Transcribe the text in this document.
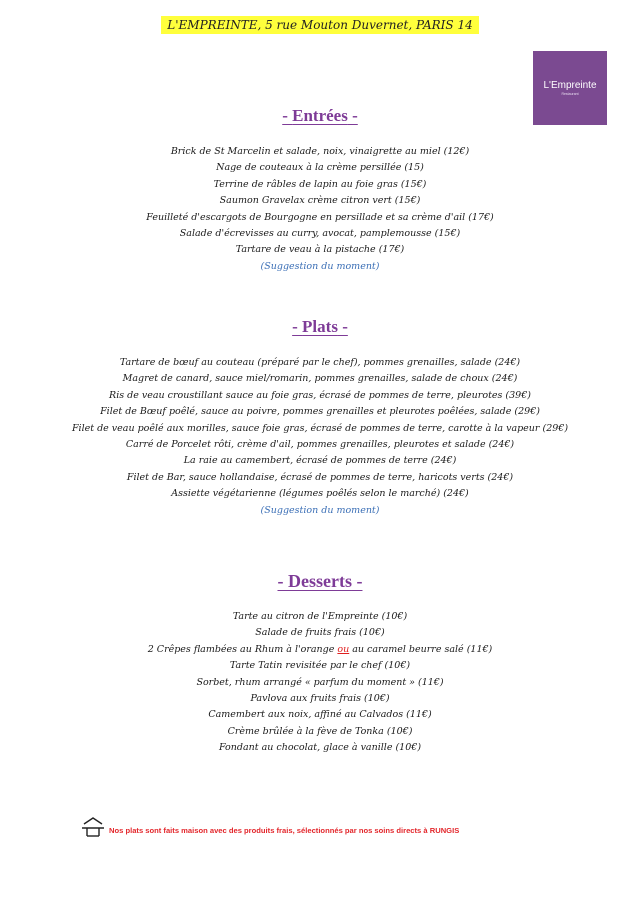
L'EMPREINTE, 5 rue Mouton Duvernet, PARIS 14
L'Empreinte
Restaurant
- Entrées -
Brick de St Marcelin et salade, noix, vinaigrette au miel (12€)
Nage de couteaux à la crème persillée (15)
Terrine de râbles de lapin au foie gras (15€)
Saumon Gravelax crème citron vert (15€)
Feuilleté d'escargots de Bourgogne en persillade et sa crème d'ail (17€)
Salade d'écrevisses au curry, avocat, pamplemousse (15€)
Tartare de veau à la pistache (17€)
(Suggestion du moment)
- Plats -
Tartare de bœuf au couteau (préparé par le chef), pommes grenailles, salade (24€)
Magret de canard, sauce miel/romarin, pommes grenailles, salade de choux (24€)
Ris de veau croustillant sauce au foie gras, écrasé de pommes de terre, pleurotes (39€)
Filet de Bœuf poêlé, sauce au poivre, pommes grenailles et pleurotes poêlées, salade (29€)
Filet de veau poêlé aux morilles, sauce foie gras, écrasé de pommes de terre, carotte à la vapeur (29€)
Carré de Porcelet rôti, crème d'ail, pommes grenailles, pleurotes et salade (24€)
La raie au camembert, écrasé de pommes de terre (24€)
Filet de Bar, sauce hollandaise, écrasé de pommes de terre, haricots verts (24€)
Assiette végétarienne (légumes poêlés selon le marché) (24€)
(Suggestion du moment)
- Desserts -
Tarte au citron de l'Empreinte (10€)
Salade de fruits frais (10€)
2 Crêpes flambées au Rhum à l'orange ou au caramel beurre salé (11€)
Tarte Tatin revisitée par le chef (10€)
Sorbet, rhum arrangé « parfum du moment » (11€)
Pavlova aux fruits frais (10€)
Camembert aux noix, affiné au Calvados (11€)
Crème brûlée à la fève de Tonka (10€)
Fondant au chocolat, glace à vanille (10€)
Nos plats sont faits maison avec des produits frais, sélectionnés par nos soins directs à RUNGIS
